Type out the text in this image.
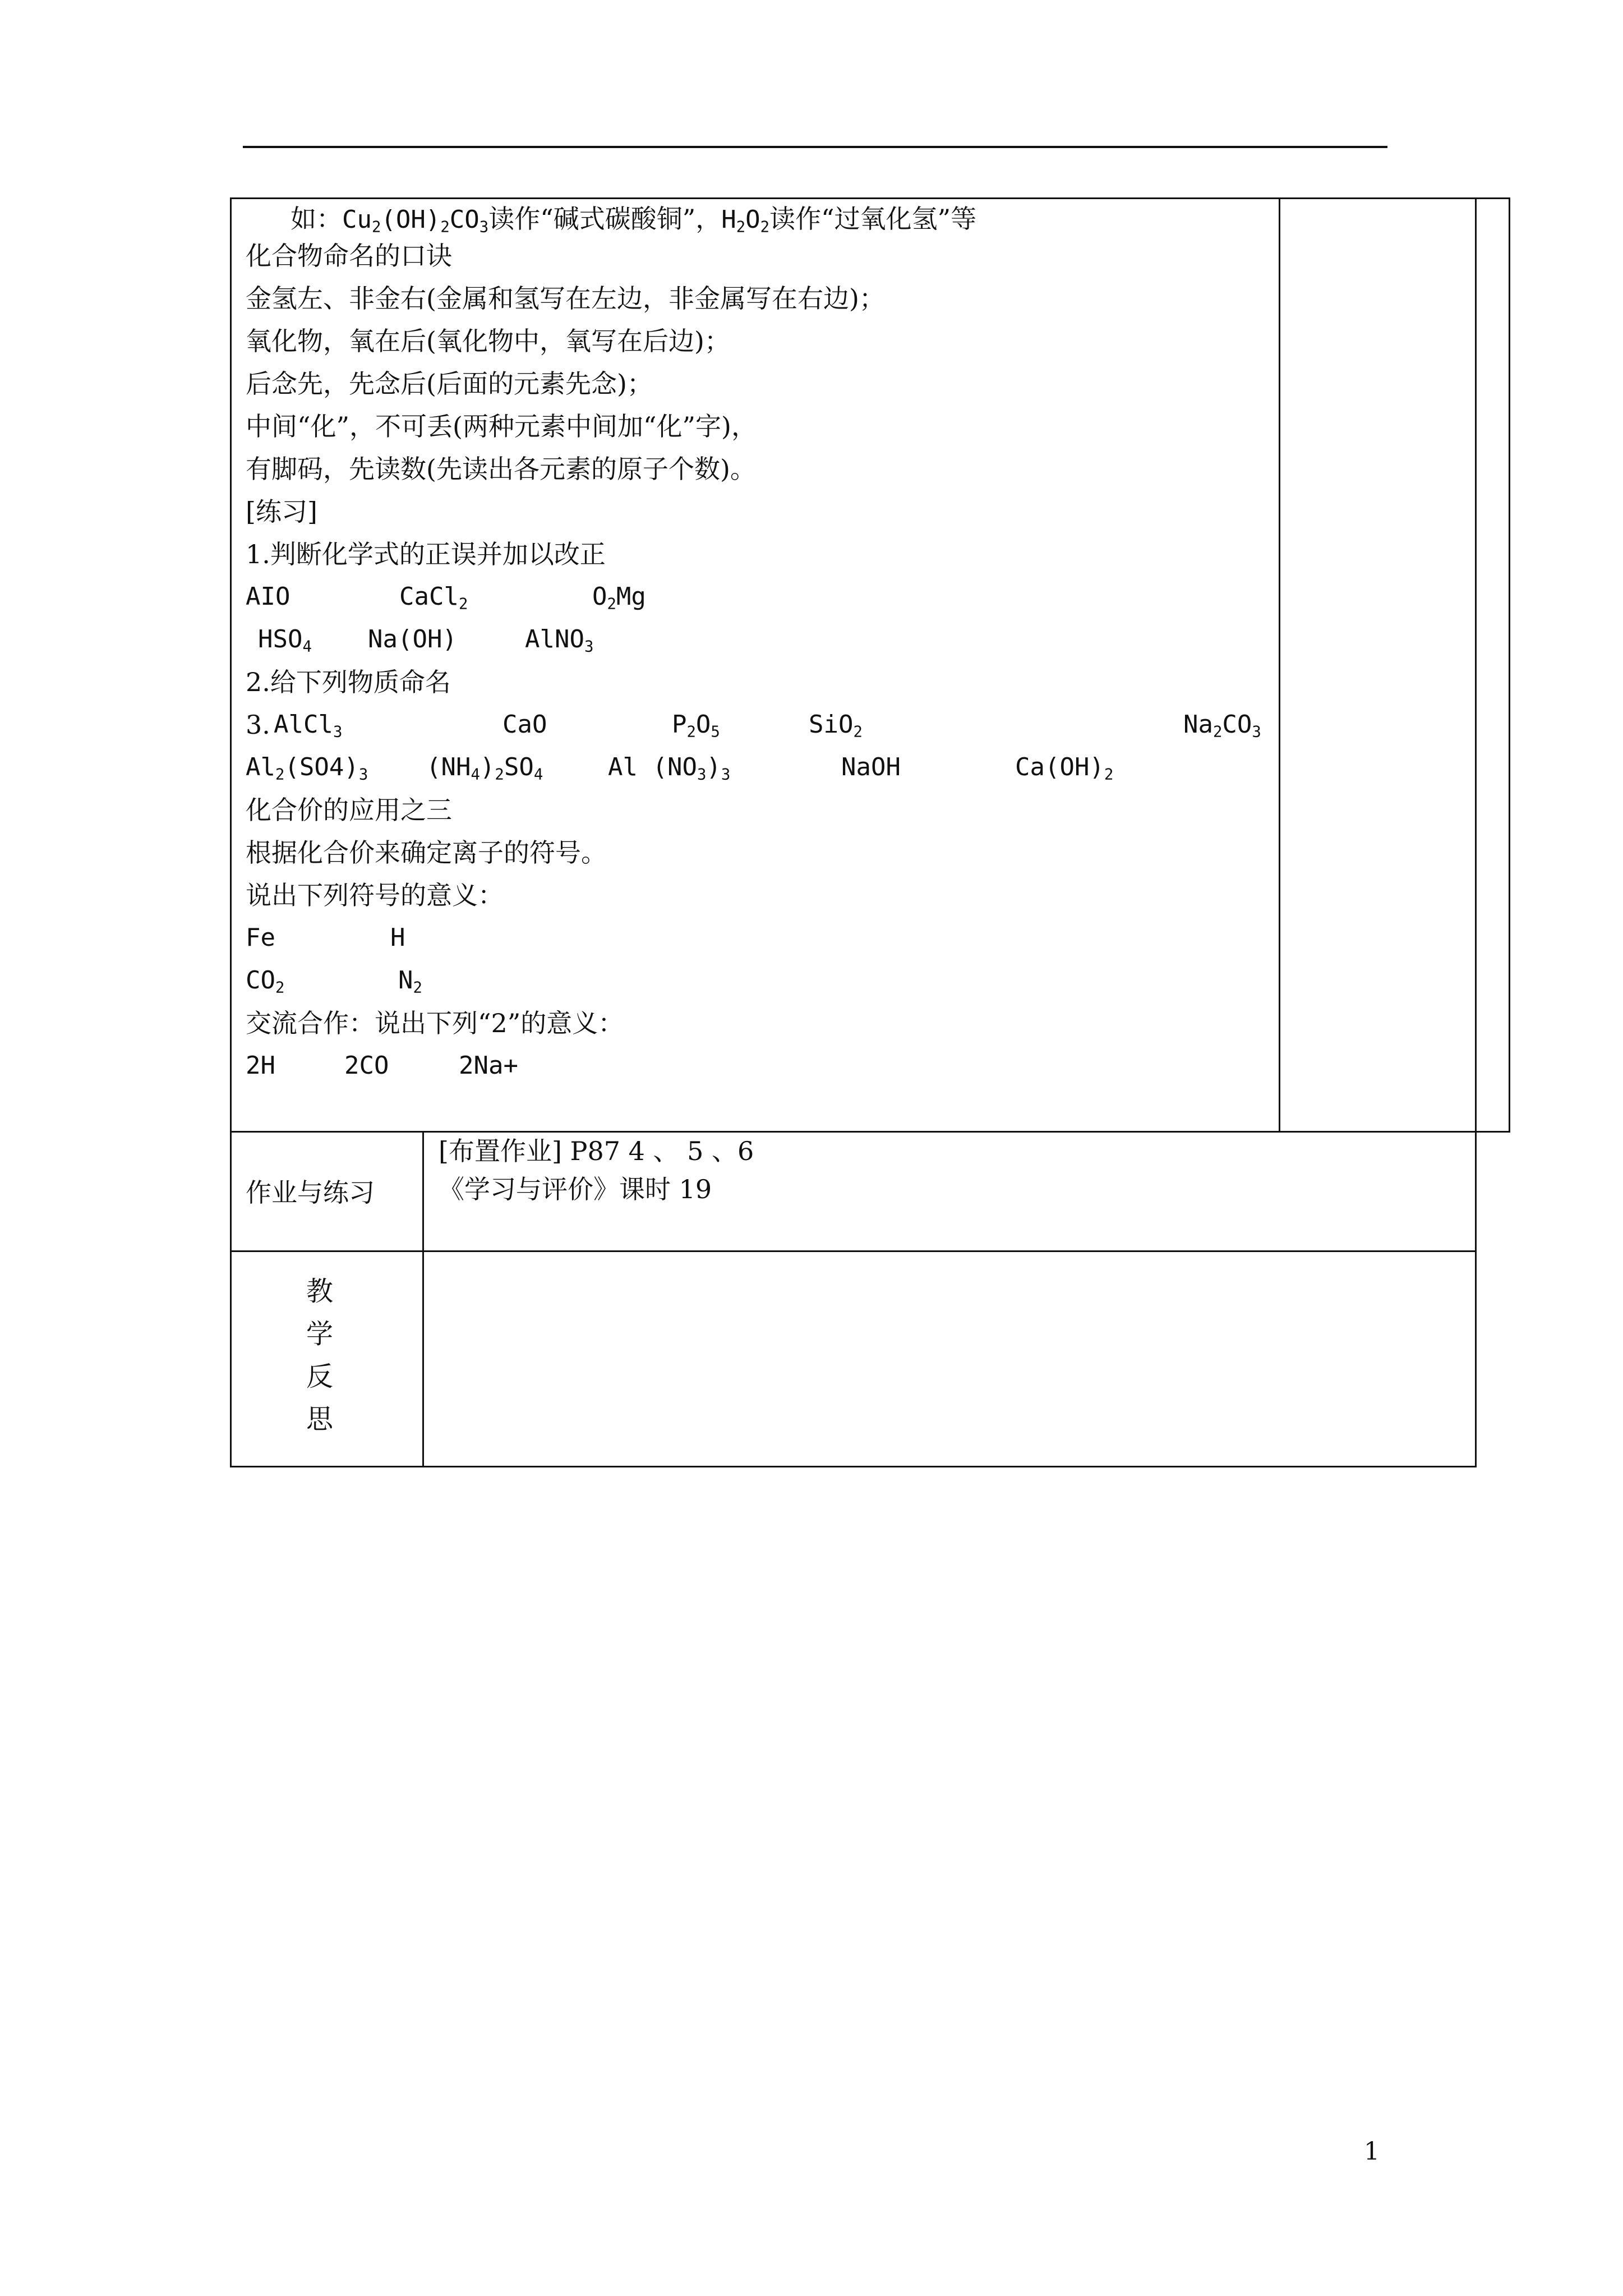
如：$Cu_2(OH)_2CO_3$读作“碱式碳酸铜”，$H_2O_2$读作“过氧化氢”等
化合物命名的口诀
金氢左、非金右(金属和氢写在左边，非金属写在右边)；
氧化物，氧在后(氧化物中，氧写在后边)；
后念先，先念后(后面的元素先念)；
中间“化”，不可丢(两种元素中间加“化”字)，
有脚码，先读数(先读出各元素的原子个数)。
[练习]
1.判断化学式的正误并加以改正
AIO	CaCl$_2$	$O_2Mg$
$HSO_4$ Na(OH)	AlNO$_3$
2.给下列物质命名
3. AlCl$_3$	CaO	$P_2O_5$	SiO$_2$	$Na_2CO_3$
$Al_2(SO4)_3$ $(NH_4)_2SO_4$	Al $(NO_3)_3$	NaOH	$Ca(OH)_2$
化合价的应用之三
根据化合价来确定离子的符号。
说出下列符号的意义：
Fe	H
$CO_2$	$N_2$
交流合作：说出下列“2”的意义：
2H	2CO	2Na+
作业与练习
[布置作业] P87 4 、 5 、6
《学习与评价》课时 19
教
学
反
思
1
